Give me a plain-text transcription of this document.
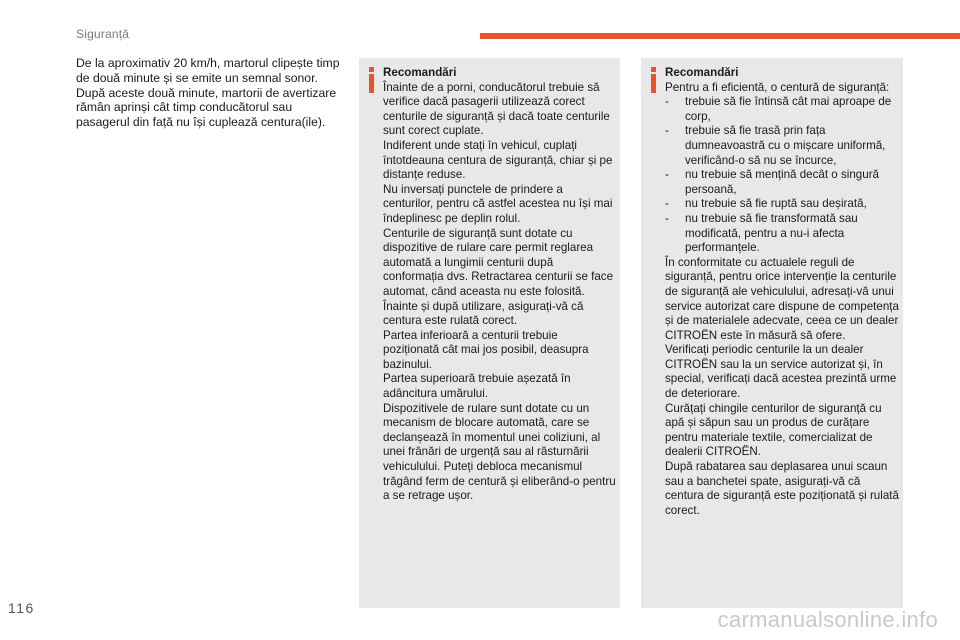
Siguranță
De la aproximativ 20 km/h, martorul clipește timp de două minute și se emite un semnal sonor. După aceste două minute, martorii de avertizare rămân aprinși cât timp conducătorul sau pasagerul din față nu își cuplează centura(ile).
Recomandări
Înainte de a porni, conducătorul trebuie să verifice dacă pasagerii utilizează corect centurile de siguranță și dacă toate centurile sunt corect cuplate.
Indiferent unde stați în vehicul, cuplați întotdeauna centura de siguranță, chiar și pe distanțe reduse.
Nu inversați punctele de prindere a centurilor, pentru că astfel acestea nu își mai îndeplinesc pe deplin rolul.
Centurile de siguranță sunt dotate cu dispozitive de rulare care permit reglarea automată a lungimii centurii după conformația dvs. Retractarea centurii se face automat, când aceasta nu este folosită.
Înainte și după utilizare, asigurați-vă că centura este rulată corect.
Partea inferioară a centurii trebuie poziționată cât mai jos posibil, deasupra bazinului.
Partea superioară trebuie așezată în adâncitura umărului.
Dispozitivele de rulare sunt dotate cu un mecanism de blocare automată, care se declanșează în momentul unei coliziuni, al unei frânări de urgență sau al răsturnării vehiculului. Puteți debloca mecanismul trăgând ferm de centură și eliberând-o pentru a se retrage ușor.
Recomandări
Pentru a fi eficientă, o centură de siguranță:
- trebuie să fie întinsă cât mai aproape de corp,
- trebuie să fie trasă prin fața dumneavoastră cu o mișcare uniformă, verificând-o să nu se încurce,
- nu trebuie să mențină decât o singură persoană,
- nu trebuie să fie ruptă sau deșirată,
- nu trebuie să fie transformată sau modificată, pentru a nu-i afecta performanțele.
În conformitate cu actualele reguli de siguranță, pentru orice intervenție la centurile de siguranță ale vehiculului, adresați-vă unui service autorizat care dispune de competența și de materialele adecvate, ceea ce un dealer CITROËN este în măsură să ofere.
Verificați periodic centurile la un dealer CITROËN sau la un service autorizat și, în special, verificați dacă acestea prezintă urme de deteriorare.
Curățați chingile centurilor de siguranță cu apă și săpun sau un produs de curățare pentru materiale textile, comercializat de dealerii CITROËN.
După rabatarea sau deplasarea unui scaun sau a banchetei spate, asigurați-vă că centura de siguranță este poziționată și rulată corect.
116	carmanualsonline.info
